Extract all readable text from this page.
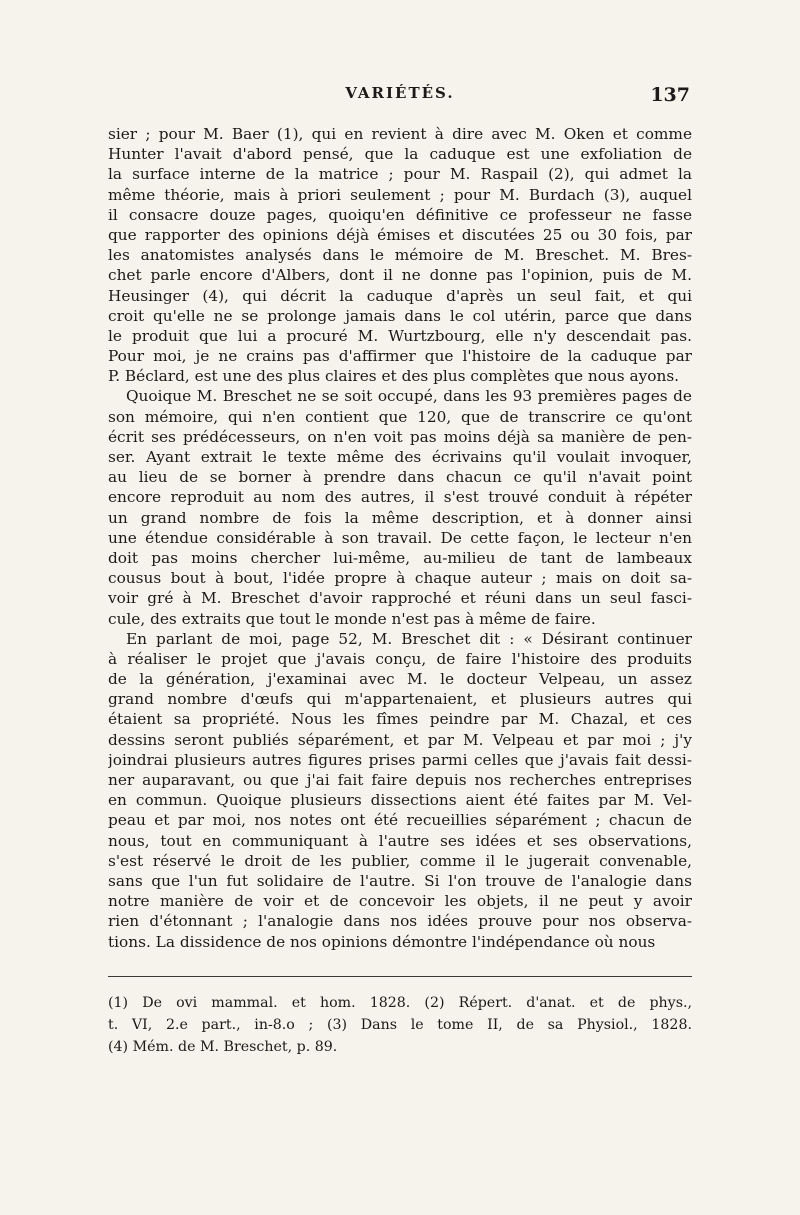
VARIÉTÉS.	137
sier ; pour M. Baer (1), qui en revient à dire avec M. Oken et comme
Hunter l'avait d'abord pensé, que la caduque est une exfoliation de
la surface interne de la matrice ; pour M. Raspail (2), qui admet la
même théorie, mais à priori seulement ; pour M. Burdach (3), auquel
il consacre douze pages, quoiqu'en définitive ce professeur ne fasse
que rapporter des opinions déjà émises et discutées 25 ou 30 fois, par
les anatomistes analysés dans le mémoire de M. Breschet. M. Bres-
chet parle encore d'Albers, dont il ne donne pas l'opinion, puis de M.
Heusinger (4), qui décrit la caduque d'après un seul fait, et qui
croit qu'elle ne se prolonge jamais dans le col utérin, parce que dans
le produit que lui a procuré M. Wurtzbourg, elle n'y descendait pas.
Pour moi, je ne crains pas d'affirmer que l'histoire de la caduque par
P. Béclard, est une des plus claires et des plus complètes que nous ayons.
Quoique M. Breschet ne se soit occupé, dans les 93 premières pages de
son mémoire, qui n'en contient que 120, que de transcrire ce qu'ont
écrit ses prédécesseurs, on n'en voit pas moins déjà sa manière de pen-
ser. Ayant extrait le texte même des écrivains qu'il voulait invoquer,
au lieu de se borner à prendre dans chacun ce qu'il n'avait point
encore reproduit au nom des autres, il s'est trouvé conduit à répéter
un grand nombre de fois la même description, et à donner ainsi
une étendue considérable à son travail. De cette façon, le lecteur n'en
doit pas moins chercher lui-même, au-milieu de tant de lambeaux
cousus bout à bout, l'idée propre à chaque auteur ; mais on doit sa-
voir gré à M. Breschet d'avoir rapproché et réuni dans un seul fasci-
cule, des extraits que tout le monde n'est pas à même de faire.
En parlant de moi, page 52, M. Breschet dit : « Désirant continuer
à réaliser le projet que j'avais conçu, de faire l'histoire des produits
de la génération, j'examinai avec M. le docteur Velpeau, un assez
grand nombre d'œufs qui m'appartenaient, et plusieurs autres qui
étaient sa propriété. Nous les fîmes peindre par M. Chazal, et ces
dessins seront publiés séparément, et par M. Velpeau et par moi ; j'y
joindrai plusieurs autres figures prises parmi celles que j'avais fait dessi-
ner auparavant, ou que j'ai fait faire depuis nos recherches entreprises
en commun. Quoique plusieurs dissections aient été faites par M. Vel-
peau et par moi, nos notes ont été recueillies séparément ; chacun de
nous, tout en communiquant à l'autre ses idées et ses observations,
s'est réservé le droit de les publier, comme il le jugerait convenable,
sans que l'un fut solidaire de l'autre. Si l'on trouve de l'analogie dans
notre manière de voir et de concevoir les objets, il ne peut y avoir
rien d'étonnant ; l'analogie dans nos idées prouve pour nos observa-
tions. La dissidence de nos opinions démontre l'indépendance où nous
(1) De ovi mammal. et hom. 1828. (2) Répert. d'anat. et de phys.,
t. VI, 2.e part., in-8.o ; (3) Dans le tome II, de sa Physiol., 1828.
(4) Mém. de M. Breschet, p. 89.
